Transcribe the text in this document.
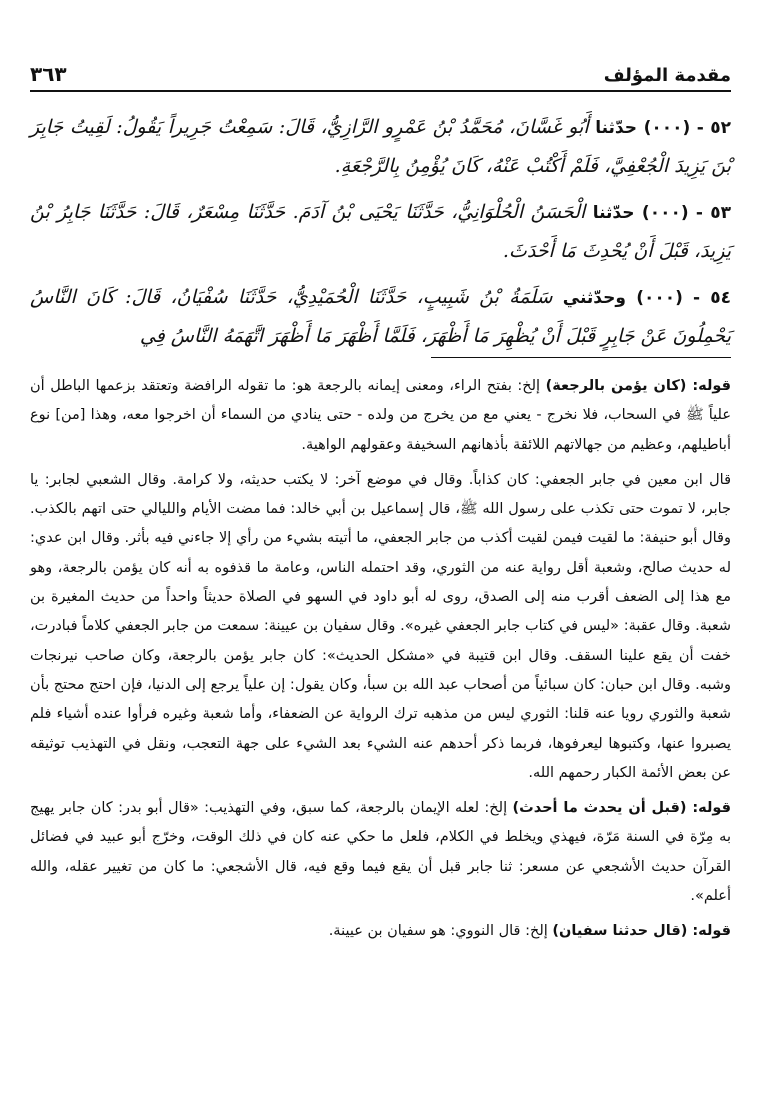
مقدمة المؤلف
٣٦٣

٥٢ - (٠٠٠) حدّثنا أَبُو غَسَّانَ، مُحَمَّدُ بْنُ عَمْرٍو الرَّازِيُّ، قَالَ: سَمِعْتُ جَرِيراً يَقُولُ: لَقِيتُ جَابِرَ بْنَ يَزِيدَ الْجُعْفِيَّ، فَلَمْ أَكْتُبْ عَنْهُ، كَانَ يُؤْمِنُ بِالرَّجْعَةِ.

٥٣ - (٠٠٠) حدّثنا الْحَسَنُ الْحُلْوَانِيُّ، حَدَّثَنَا يَحْيَى بْنُ آدَمَ. حَدَّثَنَا مِسْعَرٌ، قَالَ: حَدَّثَنَا جَابِرُ بْنُ يَزِيدَ، قَبْلَ أَنْ يُحْدِثَ مَا أَحْدَثَ.

٥٤ - (٠٠٠) وحدّثني سَلَمَةُ بْنُ شَبِيبٍ، حَدَّثَنَا الْحُمَيْدِيُّ، حَدَّثَنَا سُفْيَانُ، قَالَ: كَانَ النَّاسُ يَحْمِلُونَ عَنْ جَابِرٍ قَبْلَ أَنْ يُظْهِرَ مَا أَظْهَرَ، فَلَمَّا أَظْهَرَ مَا أَظْهَرَ اتَّهَمَهُ النَّاسُ فِي

قوله: (كان يؤمن بالرجعة) إلخ: بفتح الراء، ومعنى إيمانه بالرجعة هو: ما تقوله الرافضة وتعتقد بزعمها الباطل أن علياً ﷺ في السحاب، فلا نخرج - يعني مع من يخرج من ولده - حتى ينادي من السماء أن اخرجوا معه، وهذا [من] نوع أباطيلهم، وعظيم من جهالاتهم اللائقة بأذهانهم السخيفة وعقولهم الواهية.

قال ابن معين في جابر الجعفي: كان كذاباً. وقال في موضع آخر: لا يكتب حديثه، ولا كرامة. وقال الشعبي لجابر: يا جابر، لا تموت حتى تكذب على رسول الله ﷺ، قال إسماعيل بن أبي خالد: فما مضت الأيام والليالي حتى اتهم بالكذب. وقال أبو حنيفة: ما لقيت فيمن لقيت أكذب من جابر الجعفي، ما أتيته بشيء من رأي إلا جاءني فيه بأثر. وقال ابن عدي: له حديث صالح، وشعبة أقل رواية عنه من الثوري، وقد احتمله الناس، وعامة ما قذفوه به أنه كان يؤمن بالرجعة، وهو مع هذا إلى الضعف أقرب منه إلى الصدق، روى له أبو داود في السهو في الصلاة حديثاً واحداً من حديث المغيرة بن شعبة. وقال عقبة: «ليس في كتاب جابر الجعفي غيره». وقال سفيان بن عيينة: سمعت من جابر الجعفي كلاماً فبادرت، خفت أن يقع علينا السقف. وقال ابن قتيبة في «مشكل الحديث»: كان جابر يؤمن بالرجعة، وكان صاحب نيرنجات وشبه. وقال ابن حبان: كان سبائياً من أصحاب عبد الله بن سبأ، وكان يقول: إن علياً يرجع إلى الدنيا، فإن احتج محتج بأن شعبة والثوري رويا عنه قلنا: الثوري ليس من مذهبه ترك الرواية عن الضعفاء، وأما شعبة وغيره فرأوا عنده أشياء فلم يصبروا عنها، وكتبوها ليعرفوها، فربما ذكر أحدهم عنه الشيء بعد الشيء على جهة التعجب، ونقل في التهذيب توثيقه عن بعض الأئمة الكبار رحمهم الله.

قوله: (قبل أن يحدث ما أحدث) إلخ: لعله الإيمان بالرجعة، كما سبق، وفي التهذيب: «قال أبو بدر: كان جابر يهيج به مِرّة في السنة مَرّة، فيهذي ويخلط في الكلام، فلعل ما حكي عنه كان في ذلك الوقت، وخرّج أبو عبيد في فضائل القرآن حديث الأشجعي عن مسعر: ثنا جابر قبل أن يقع فيما وقع فيه، قال الأشجعي: ما كان من تغيير عقله، والله أعلم».

قوله: (قال حدثنا سفيان) إلخ: قال النووي: هو سفيان بن عيينة.
